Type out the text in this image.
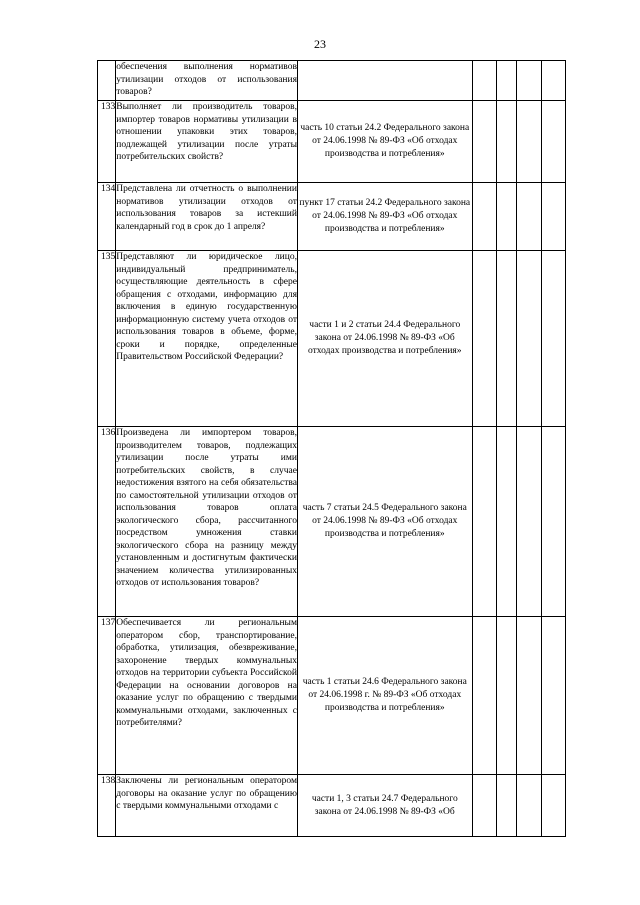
23
	обеспечения выполнения нормативов утилизации отходов от использования товаров?					
133	Выполняет ли производитель товаров, импортер товаров нормативы утилизации в отношении упаковки этих товаров, подлежащей утилизации после утраты потребительских свойств?	часть 10 статьи 24.2 Федерального закона от 24.06.1998 № 89-ФЗ «Об отходах производства и потребления»				
134	Представлена ли отчетность о выполнении нормативов утилизации отходов от использования товаров за истекший календарный год в срок до 1 апреля?	пункт 17 статьи 24.2 Федерального закона от 24.06.1998 № 89-ФЗ «Об отходах производства и потребления»				
135	Представляют ли юридическое лицо, индивидуальный предприниматель, осуществляющие деятельность в сфере обращения с отходами, информацию для включения в единую государственную информационную систему учета отходов от использования товаров в объеме, форме, сроки и порядке, определенные Правительством Российской Федерации?	части 1 и 2 статьи 24.4 Федерального закона от 24.06.1998 № 89-ФЗ «Об отходах производства и потребления»				
136	Произведена ли импортером товаров, производителем товаров, подлежащих утилизации после утраты ими потребительских свойств, в случае недостижения взятого на себя обязательства по самостоятельной утилизации отходов от использования товаров оплата экологического сбора, рассчитанного посредством умножения ставки экологического сбора на разницу между установленным и достигнутым фактически значением количества утилизированных отходов от использования товаров?	часть 7 статьи 24.5 Федерального закона от 24.06.1998 № 89-ФЗ «Об отходах производства и потребления»				
137	Обеспечивается ли региональным оператором сбор, транспортирование, обработка, утилизация, обезвреживание, захоронение твердых коммунальных отходов на территории субъекта Российской Федерации на основании договоров на оказание услуг по обращению с твердыми коммунальными отходами, заключенных с потребителями?	часть 1 статьи 24.6 Федерального закона от 24.06.1998 г. № 89-ФЗ «Об отходах производства и потребления»				
138	Заключены ли региональным оператором договоры на оказание услуг по обращению с твердыми коммунальными отходами с	части 1, 3 статьи 24.7 Федерального закона от 24.06.1998 № 89-ФЗ «Об				
